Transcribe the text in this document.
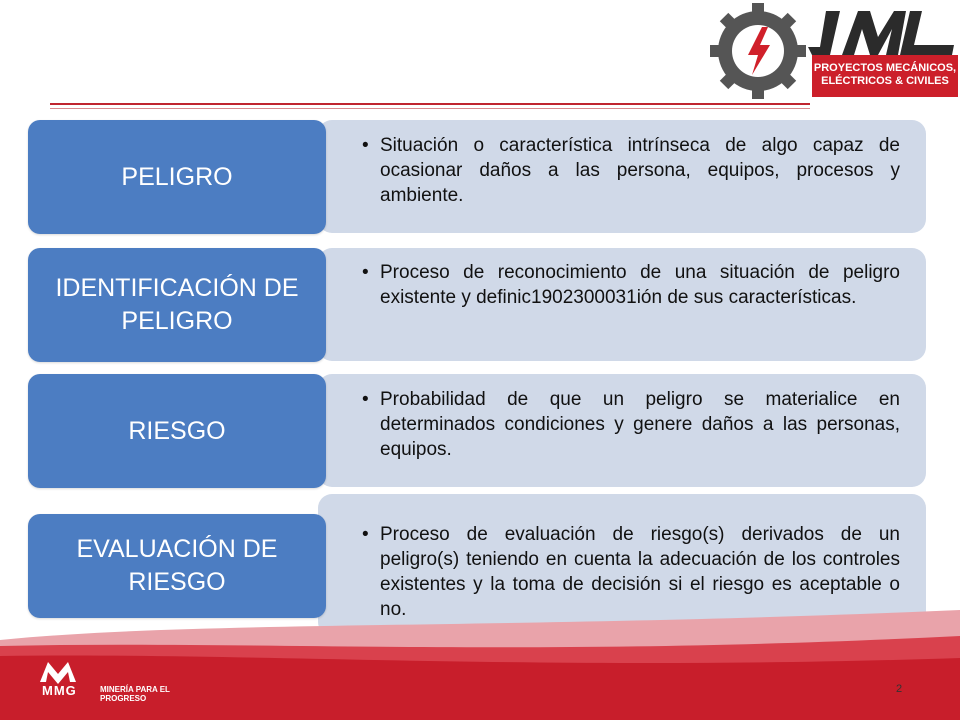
PROYECTOS MECÁNICOS,
ELÉCTRICOS & CIVILES
• Situación o característica intrínseca de algo capaz de ocasionar daños a las persona, equipos, procesos y ambiente.
PELIGRO
• Proceso de reconocimiento de una situación de peligro existente y definic1902300031ión de sus características.
IDENTIFICACIÓN DE PELIGRO
• Probabilidad de que un peligro se materialice en determinados condiciones y genere daños a las personas, equipos.
RIESGO
• Proceso de evaluación de riesgo(s) derivados de un peligro(s) teniendo en cuenta la adecuación de los controles existentes y la toma de decisión si el riesgo es aceptable o no.
EVALUACIÓN DE RIESGO
MMG	MINERÍA PARA EL PROGRESO
2
